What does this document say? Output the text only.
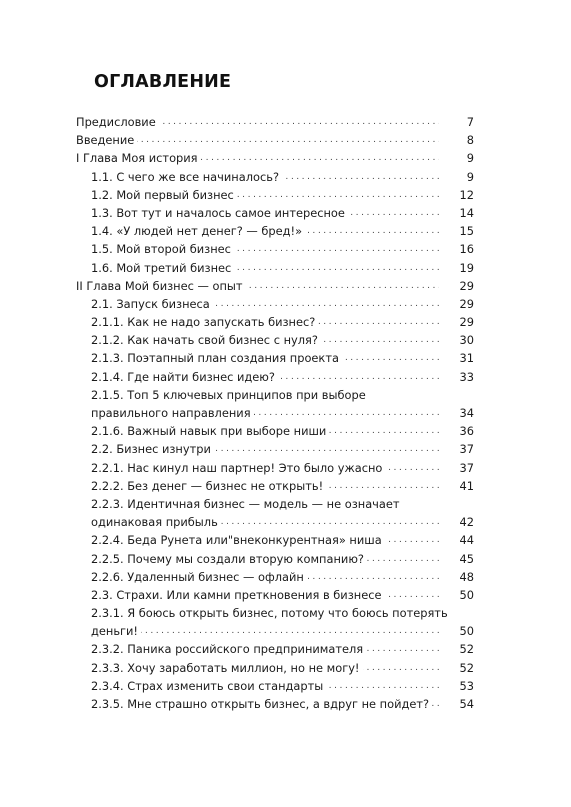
ОГЛАВЛЕНИЕ
. . .
Предисловие	7
. . .
Введение	8
. . .
I Глава Моя история	9
. . .
1.1. С чего же все начиналось?	9
. . .
1.2. Мой первый бизнес	12
. . .
1.3. Вот тут и началось самое интересное	14
. . .
1.4. «У людей нет денег? — бред!»	15
. . .
1.5. Мой второй бизнес	16
. . .
1.6. Мой третий бизнес	19
. . .
II Глава Мой бизнес — опыт	29
. . .
2.1. Запуск бизнеса	29
. . .
2.1.1. Как не надо запускать бизнес?	29
. . .
2.1.2. Как начать свой бизнес с нуля?	30
. . .
2.1.3. Поэтапный план создания проекта	31
. . .
2.1.4. Где найти бизнес идею?	33
2.1.5. Топ 5 ключевых принципов при выборе
. . .
правильного направления	34
. . .
2.1.6. Важный навык при выборе ниши	36
. . .
2.2. Бизнес изнутри	37
. . .
2.2.1. Нас кинул наш партнер! Это было ужасно	37
. . .
2.2.2. Без денег — бизнес не открыть!	41
2.2.3. Идентичная бизнес — модель — не означает
. . .
одинаковая прибыль	42
. . .
2.2.4. Беда Рунета или"внеконкурентная» ниша	44
. . .
2.2.5. Почему мы создали вторую компанию?	45
. . .
2.2.6. Удаленный бизнес — офлайн	48
. . .
2.3. Страхи. Или камни преткновения в бизнесе	50
2.3.1. Я боюсь открыть бизнес, потому что боюсь потерять
. . .
деньги!	50
. . .
2.3.2. Паника российского предпринимателя	52
. . .
2.3.3. Хочу заработать миллион, но не могу!	52
. . .
2.3.4. Страх изменить свои стандарты	53
. . .
2.3.5. Мне страшно открыть бизнес, а вдруг не пойдет?	54
